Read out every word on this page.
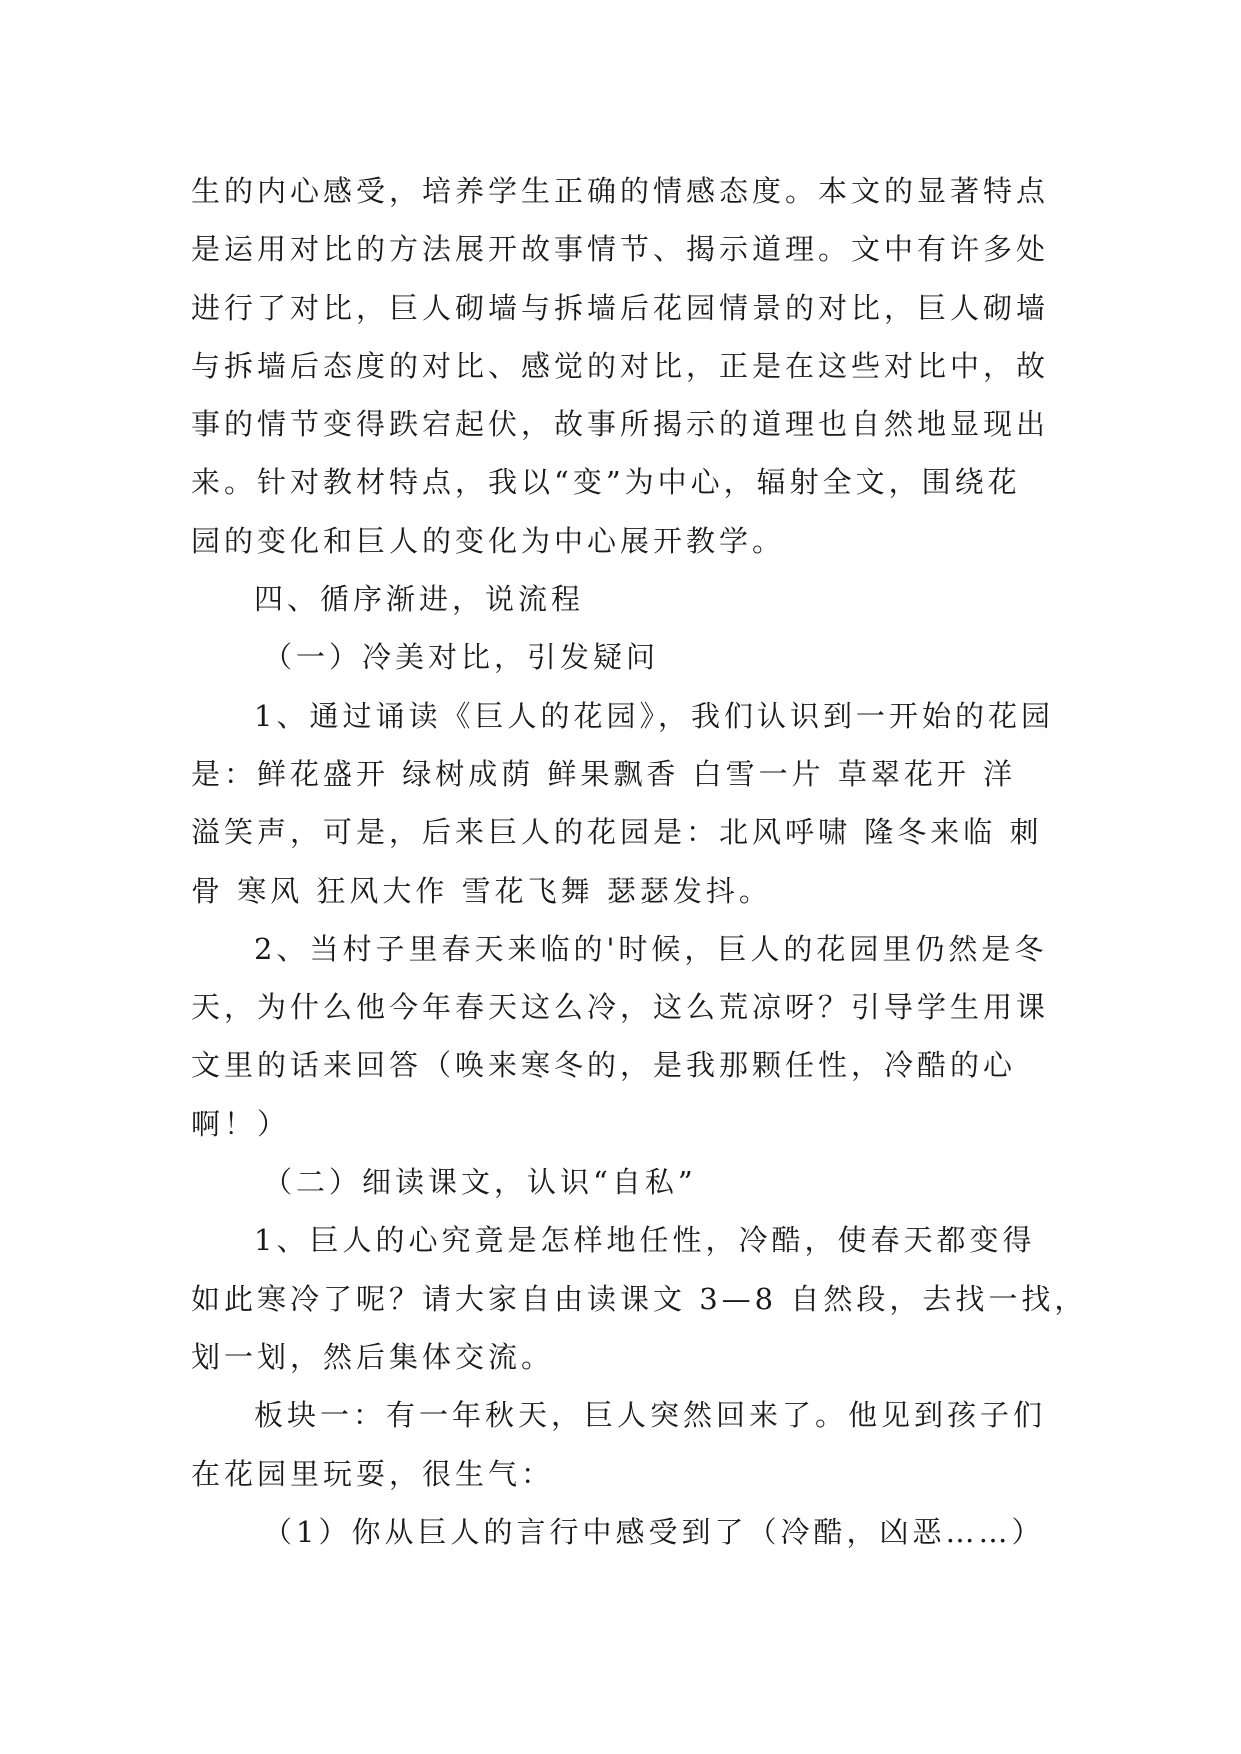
生的内心感受，培养学生正确的情感态度。本文的显著特点
是运用对比的方法展开故事情节、揭示道理。文中有许多处
进行了对比，巨人砌墙与拆墙后花园情景的对比，巨人砌墙
与拆墙后态度的对比、感觉的对比，正是在这些对比中，故
事的情节变得跌宕起伏，故事所揭示的道理也自然地显现出
来。针对教材特点，我以“变”为中心，辐射全文，围绕花
园的变化和巨人的变化为中心展开教学。
四、循序渐进，说流程
（一）冷美对比，引发疑问
1、通过诵读《巨人的花园》，我们认识到一开始的花园
是：鲜花盛开 绿树成荫 鲜果飘香 白雪一片 草翠花开 洋
溢笑声，可是，后来巨人的花园是：北风呼啸 隆冬来临 刺
骨 寒风 狂风大作 雪花飞舞 瑟瑟发抖。
2、当村子里春天来临的'时候，巨人的花园里仍然是冬
天，为什么他今年春天这么冷，这么荒凉呀？引导学生用课
文里的话来回答（唤来寒冬的，是我那颗任性，冷酷的心
啊！）
（二）细读课文，认识“自私”
1、巨人的心究竟是怎样地任性，冷酷，使春天都变得
如此寒冷了呢？请大家自由读课文 3—8 自然段，去找一找，
划一划，然后集体交流。
板块一：有一年秋天，巨人突然回来了。他见到孩子们
在花园里玩耍，很生气：
（1）你从巨人的言行中感受到了（冷酷，凶恶……）
